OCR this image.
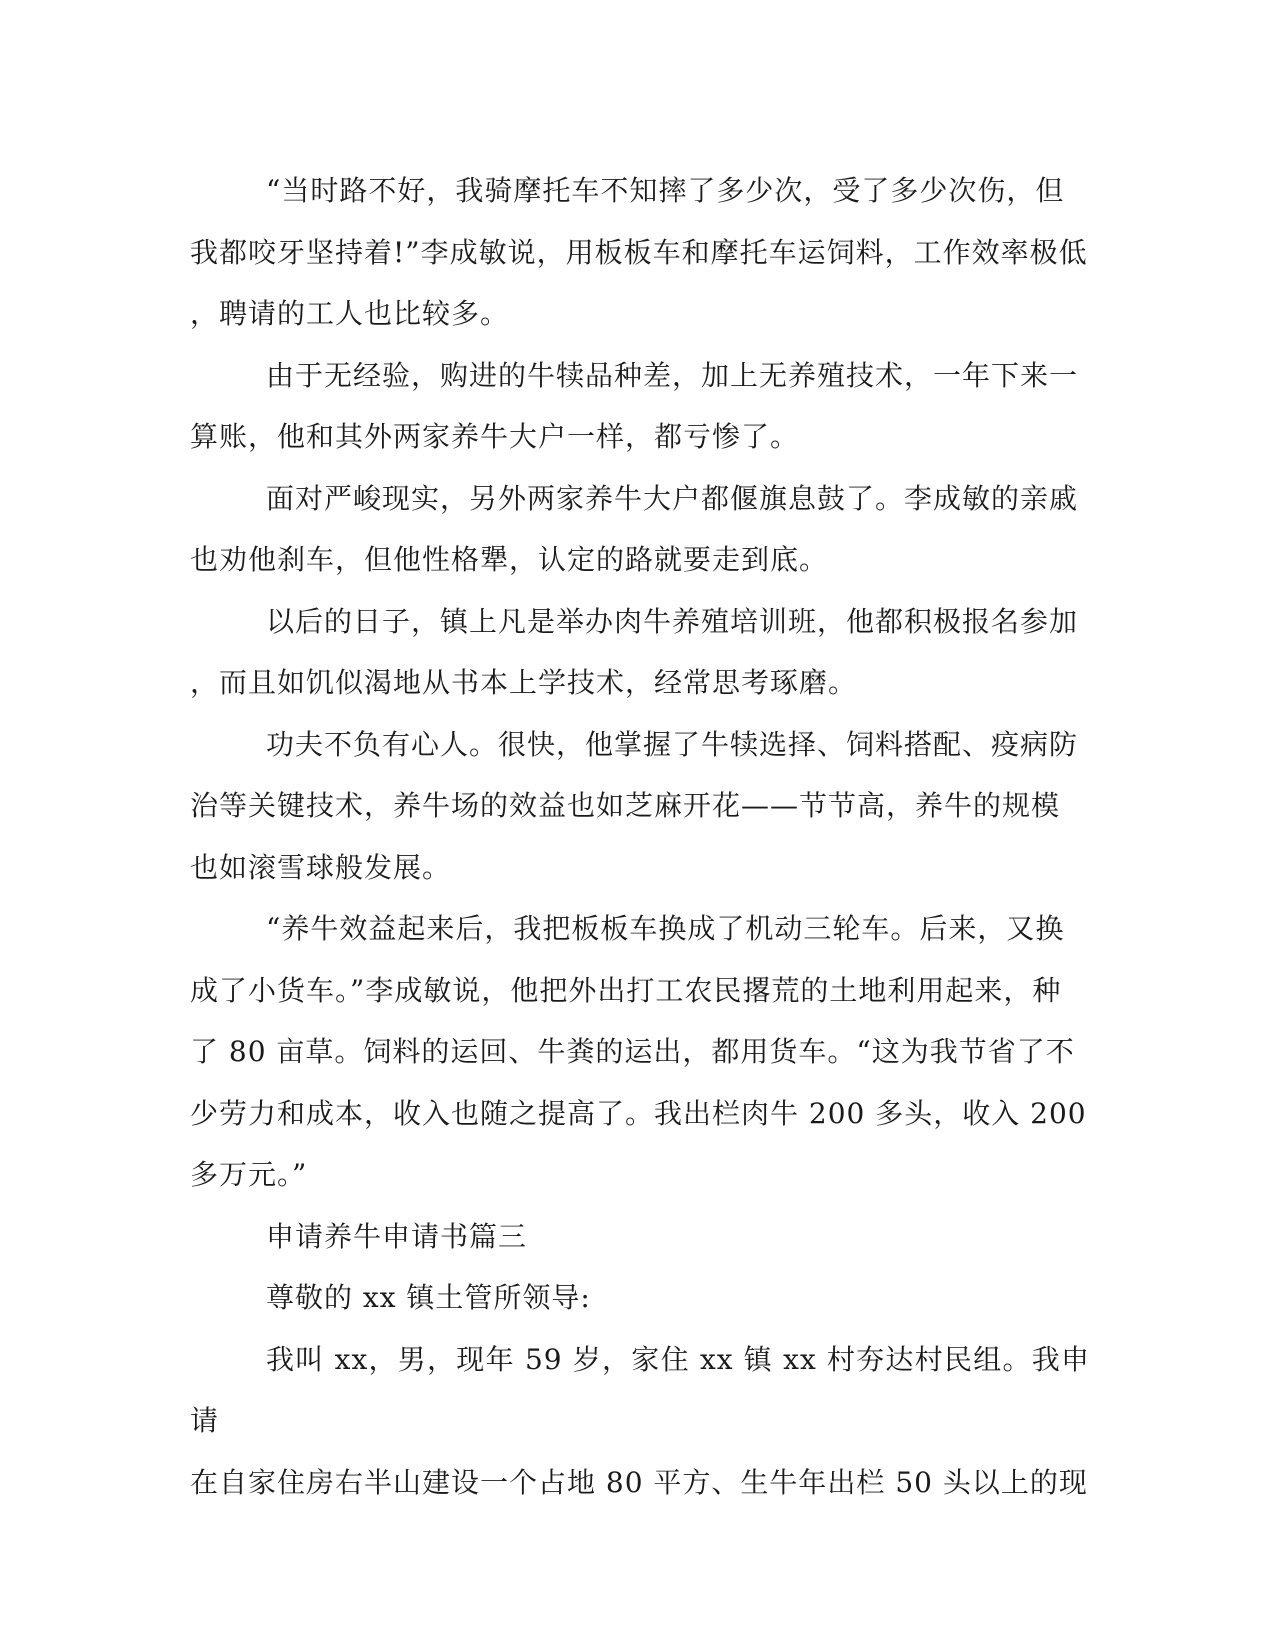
“当时路不好，我骑摩托车不知摔了多少次，受了多少次伤，但
我都咬牙坚持着!”李成敏说，用板板车和摩托车运饲料，工作效率极低
，聘请的工人也比较多。

由于无经验，购进的牛犊品种差，加上无养殖技术，一年下来一
算账，他和其外两家养牛大户一样，都亏惨了。

面对严峻现实，另外两家养牛大户都偃旗息鼓了。李成敏的亲戚
也劝他刹车，但他性格犟，认定的路就要走到底。

以后的日子，镇上凡是举办肉牛养殖培训班，他都积极报名参加
，而且如饥似渴地从书本上学技术，经常思考琢磨。

功夫不负有心人。很快，他掌握了牛犊选择、饲料搭配、疫病防
治等关键技术，养牛场的效益也如芝麻开花——节节高，养牛的规模
也如滚雪球般发展。

“养牛效益起来后，我把板板车换成了机动三轮车。后来，又换
成了小货车。”李成敏说，他把外出打工农民撂荒的土地利用起来，种
了 80 亩草。饲料的运回、牛粪的运出，都用货车。“这为我节省了不
少劳力和成本，收入也随之提高了。我出栏肉牛 200 多头，收入 200
多万元。”

申请养牛申请书篇三

尊敬的 xx 镇土管所领导:

我叫 xx，男，现年 59 岁，家住 xx 镇 xx 村夯达村民组。我申请
在自家住房右半山建设一个占地 80 平方、生牛年出栏 50 头以上的现
